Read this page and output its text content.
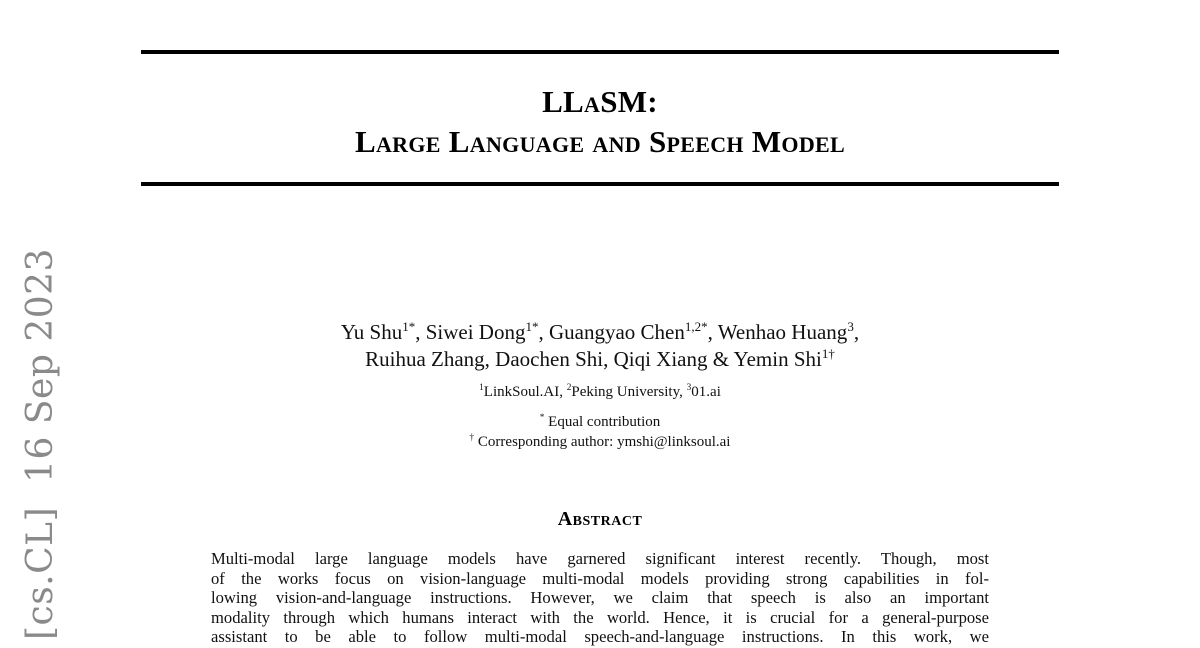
[cs.CL]16 Sep 2023
LLaSM:
Large Language and Speech Model
Yu Shu$^{1*}$, Siwei Dong$^{1*}$, Guangyao Chen$^{1,2*}$, Wenhao Huang$^3$,
Ruihua Zhang, Daochen Shi, Qiqi Xiang & Yemin Shi$^{1\dagger}$
$^1$LinkSoul.AI, $^2$Peking University, $^3$01.ai
* Equal contribution
† Corresponding author: ymshi@linksoul.ai
Abstract
Multi-modal large language models have garnered significant interest recently. Though, most
of the works focus on vision-language multi-modal models providing strong capabilities in fol-
lowing vision-and-language instructions. However, we claim that speech is also an important
modality through which humans interact with the world. Hence, it is crucial for a general-purpose
assistant to be able to follow multi-modal speech-and-language instructions. In this work, we
